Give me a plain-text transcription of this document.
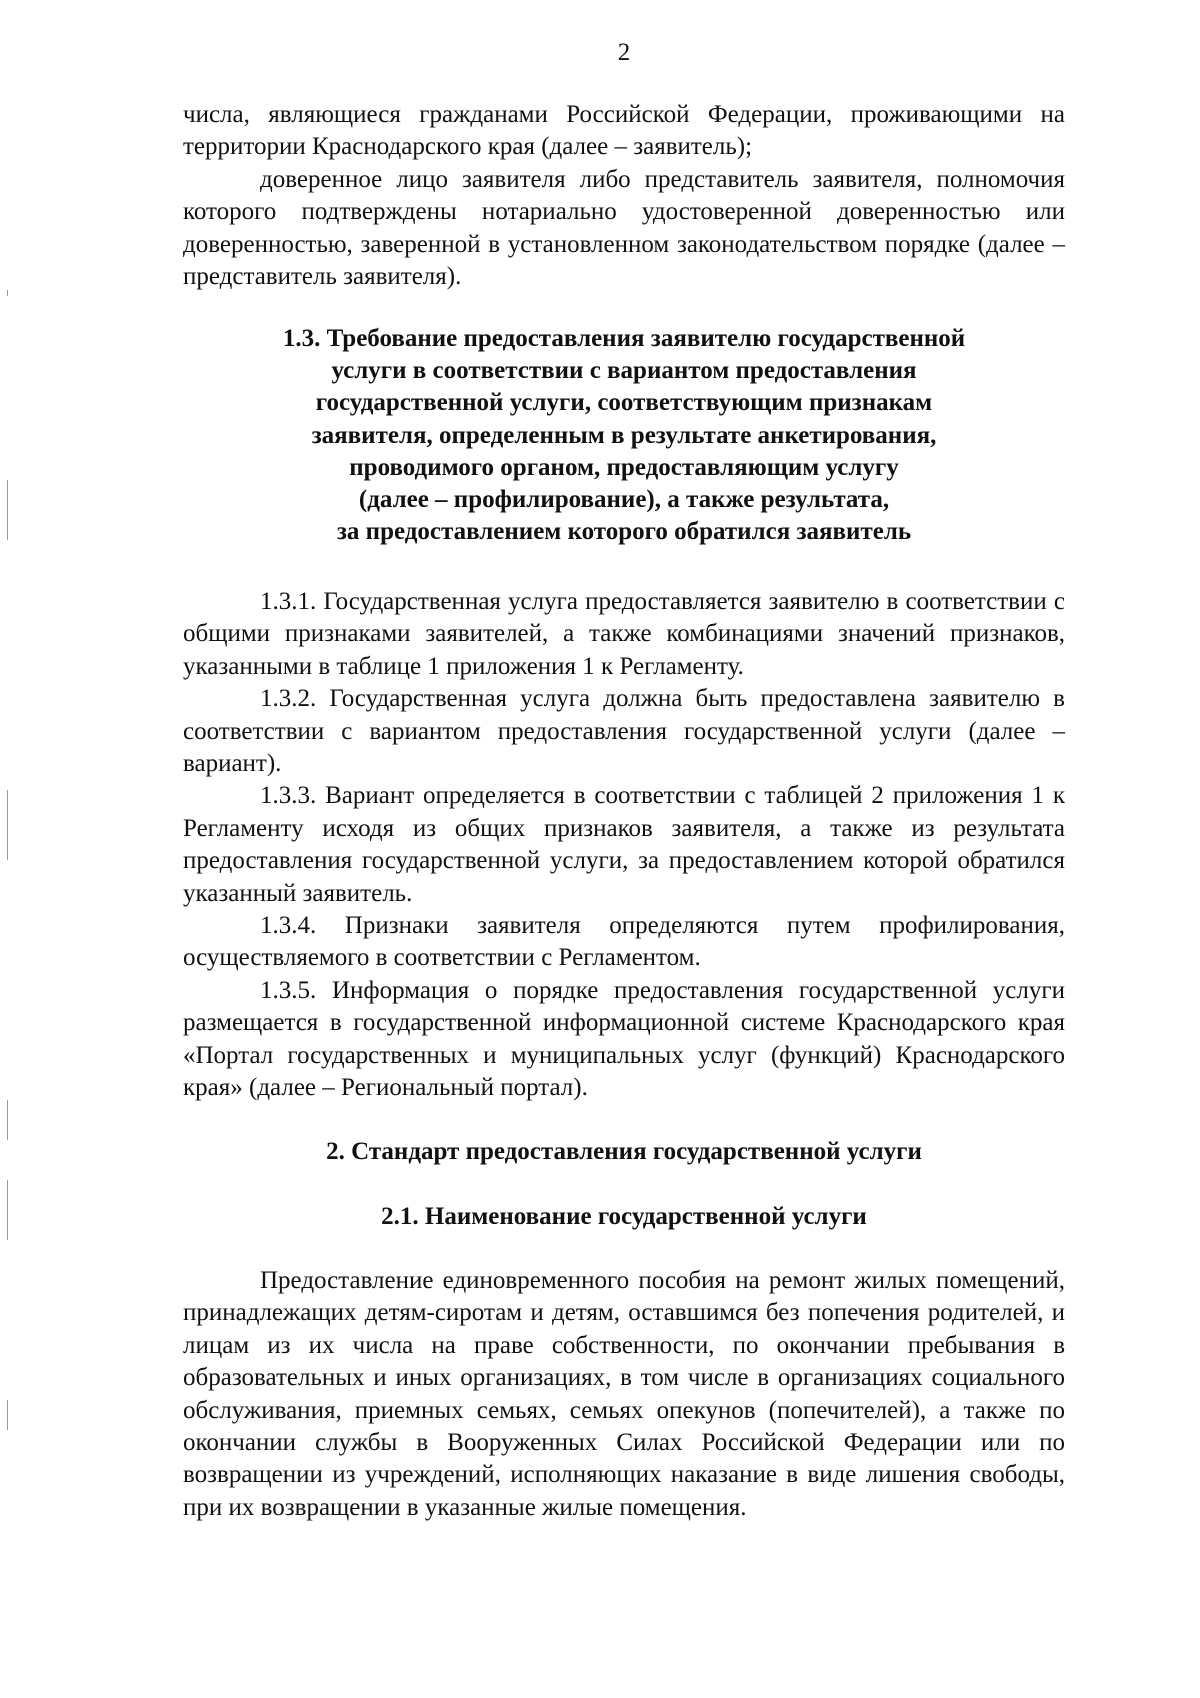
2

числа, являющиеся гражданами Российской Федерации, проживающими на территории Краснодарского края (далее – заявитель);

доверенное лицо заявителя либо представитель заявителя, полномочия которого подтверждены нотариально удостоверенной доверенностью или доверенностью, заверенной в установленном законодательством порядке (далее – представитель заявителя).

1.3. Требование предоставления заявителю государственной
услуги в соответствии с вариантом предоставления
государственной услуги, соответствующим признакам
заявителя, определенным в результате анкетирования,
проводимого органом, предоставляющим услугу
(далее – профилирование), а также результата,
за предоставлением которого обратился заявитель

1.3.1. Государственная услуга предоставляется заявителю в соответствии с общими признаками заявителей, а также комбинациями значений признаков, указанными в таблице 1 приложения 1 к Регламенту.

1.3.2. Государственная услуга должна быть предоставлена заявителю в соответствии с вариантом предоставления государственной услуги (далее – вариант).

1.3.3. Вариант определяется в соответствии с таблицей 2 приложения 1 к Регламенту исходя из общих признаков заявителя, а также из результата предоставления государственной услуги, за предоставлением которой обратился указанный заявитель.

1.3.4. Признаки заявителя определяются путем профилирования, осуществляемого в соответствии с Регламентом.

1.3.5. Информация о порядке предоставления государственной услуги размещается в государственной информационной системе Краснодарского края «Портал государственных и муниципальных услуг (функций) Краснодарского края» (далее – Региональный портал).

2. Стандарт предоставления государственной услуги
2.1. Наименование государственной услуги

Предоставление единовременного пособия на ремонт жилых помещений, принадлежащих детям-сиротам и детям, оставшимся без попечения родителей, и лицам из их числа на праве собственности, по окончании пребывания в образовательных и иных организациях, в том числе в организациях социального обслуживания, приемных семьях, семьях опекунов (попечителей), а также по окончании службы в Вооруженных Силах Российской Федерации или по возвращении из учреждений, исполняющих наказание в виде лишения свободы, при их возвращении в указанные жилые помещения.
